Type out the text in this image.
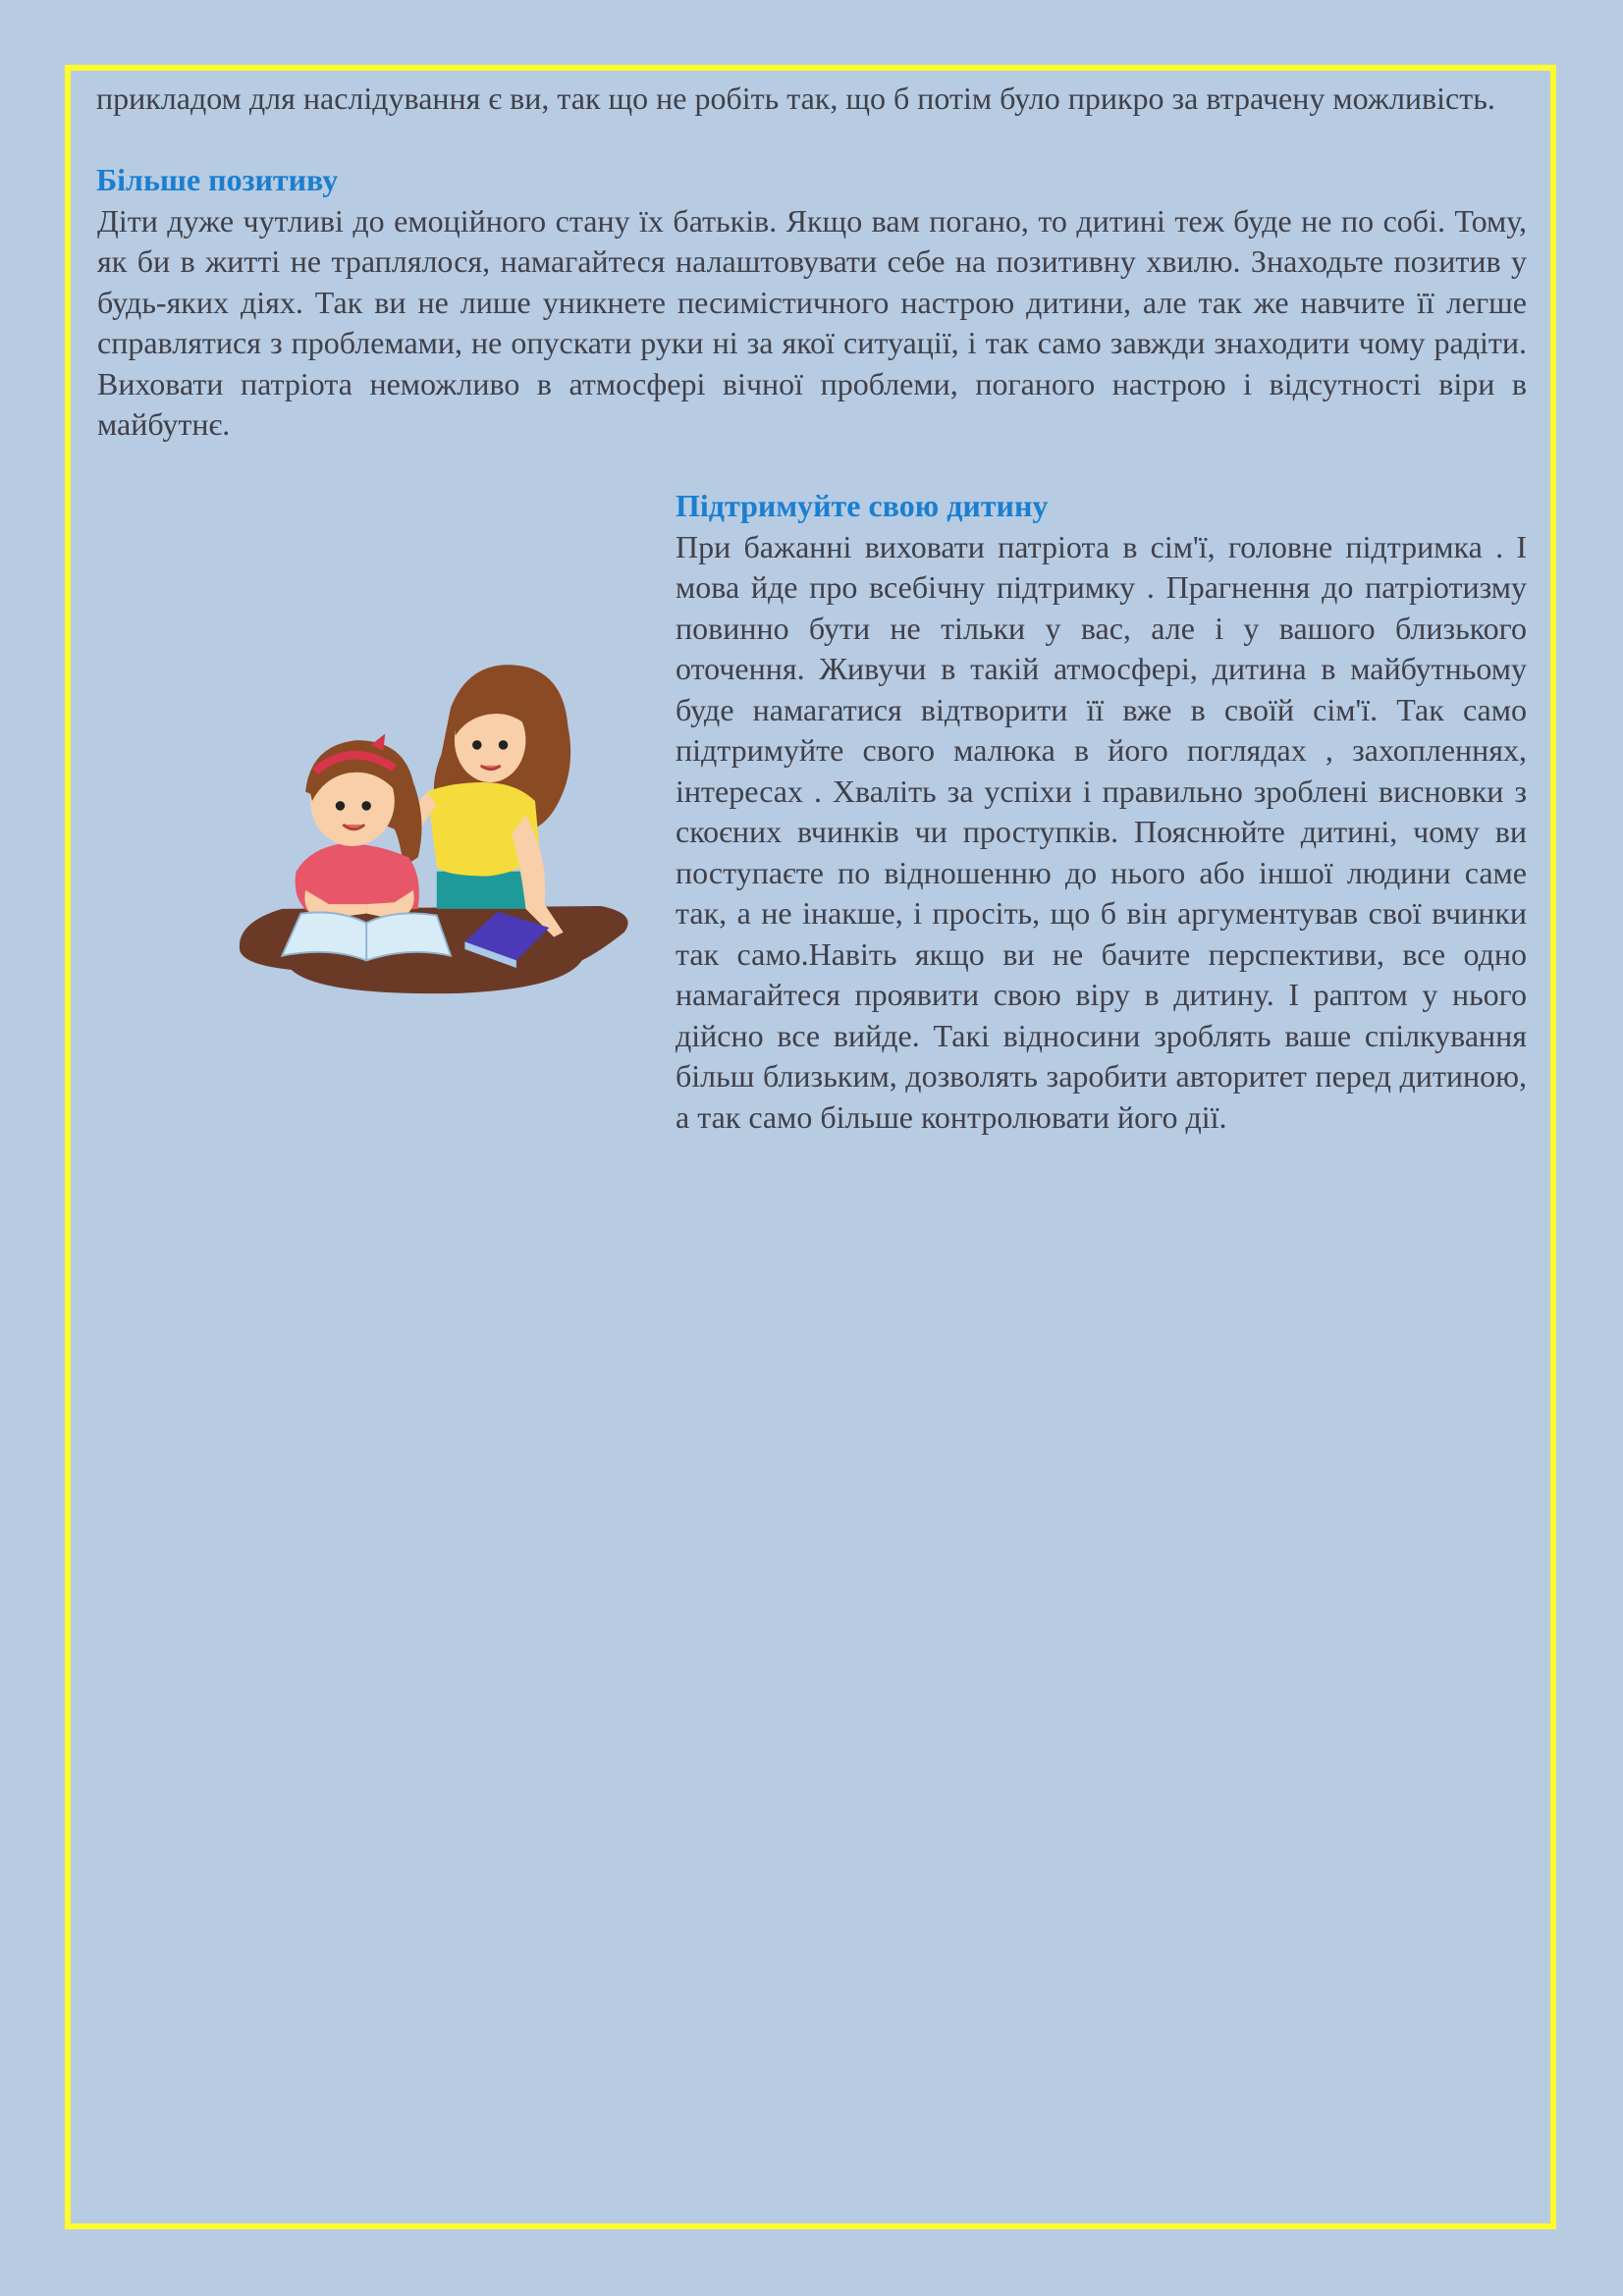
прикладом для наслідування є ви, так що не робіть так, що б потім було прикро за втрачену можливість.

Більше позитиву

Діти дуже чутливі до емоційного стану їх батьків. Якщо вам погано, то дитині теж буде не по собі. Тому, як би в житті не траплялося, намагайтеся налаштовувати себе на позитивну хвилю. Знаходьте позитив у будь-яких діях. Так ви не лише уникнете песимістичного настрою дитини, але так же навчите її легше справлятися з проблемами, не опускати руки ні за якої ситуації, і так само завжди знаходити чому радіти. Виховати патріота неможливо в атмосфері вічної проблеми, поганого настрою і відсутності віри в майбутнє.

Підтримуйте свою дитину

При бажанні виховати патріота в сім'ї, головне підтримка . І мова йде про всебічну підтримку . Прагнення до патріотизму повинно бути не тільки у вас, але і у вашого близького оточення. Живучи в такій атмосфері, дитина в майбутньому буде намагатися відтворити її вже в своїй сім'ї. Так само підтримуйте свого малюка в його поглядах , захопленнях, інтересах . Хваліть за успіхи і правильно зроблені висновки з скоєних вчинків чи проступків. Пояснюйте дитині, чому ви поступаєте по відношенню до нього або іншої людини саме так, а не інакше, і просіть, що б він аргументував свої вчинки так само.Навіть якщо ви не бачите перспективи, все одно намагайтеся проявити свою віру в дитину. І раптом у нього дійсно все вийде. Такі відносини зроблять ваше спілкування більш близьким, дозволять заробити авторитет перед дитиною, а так само більше контролювати його дії.
